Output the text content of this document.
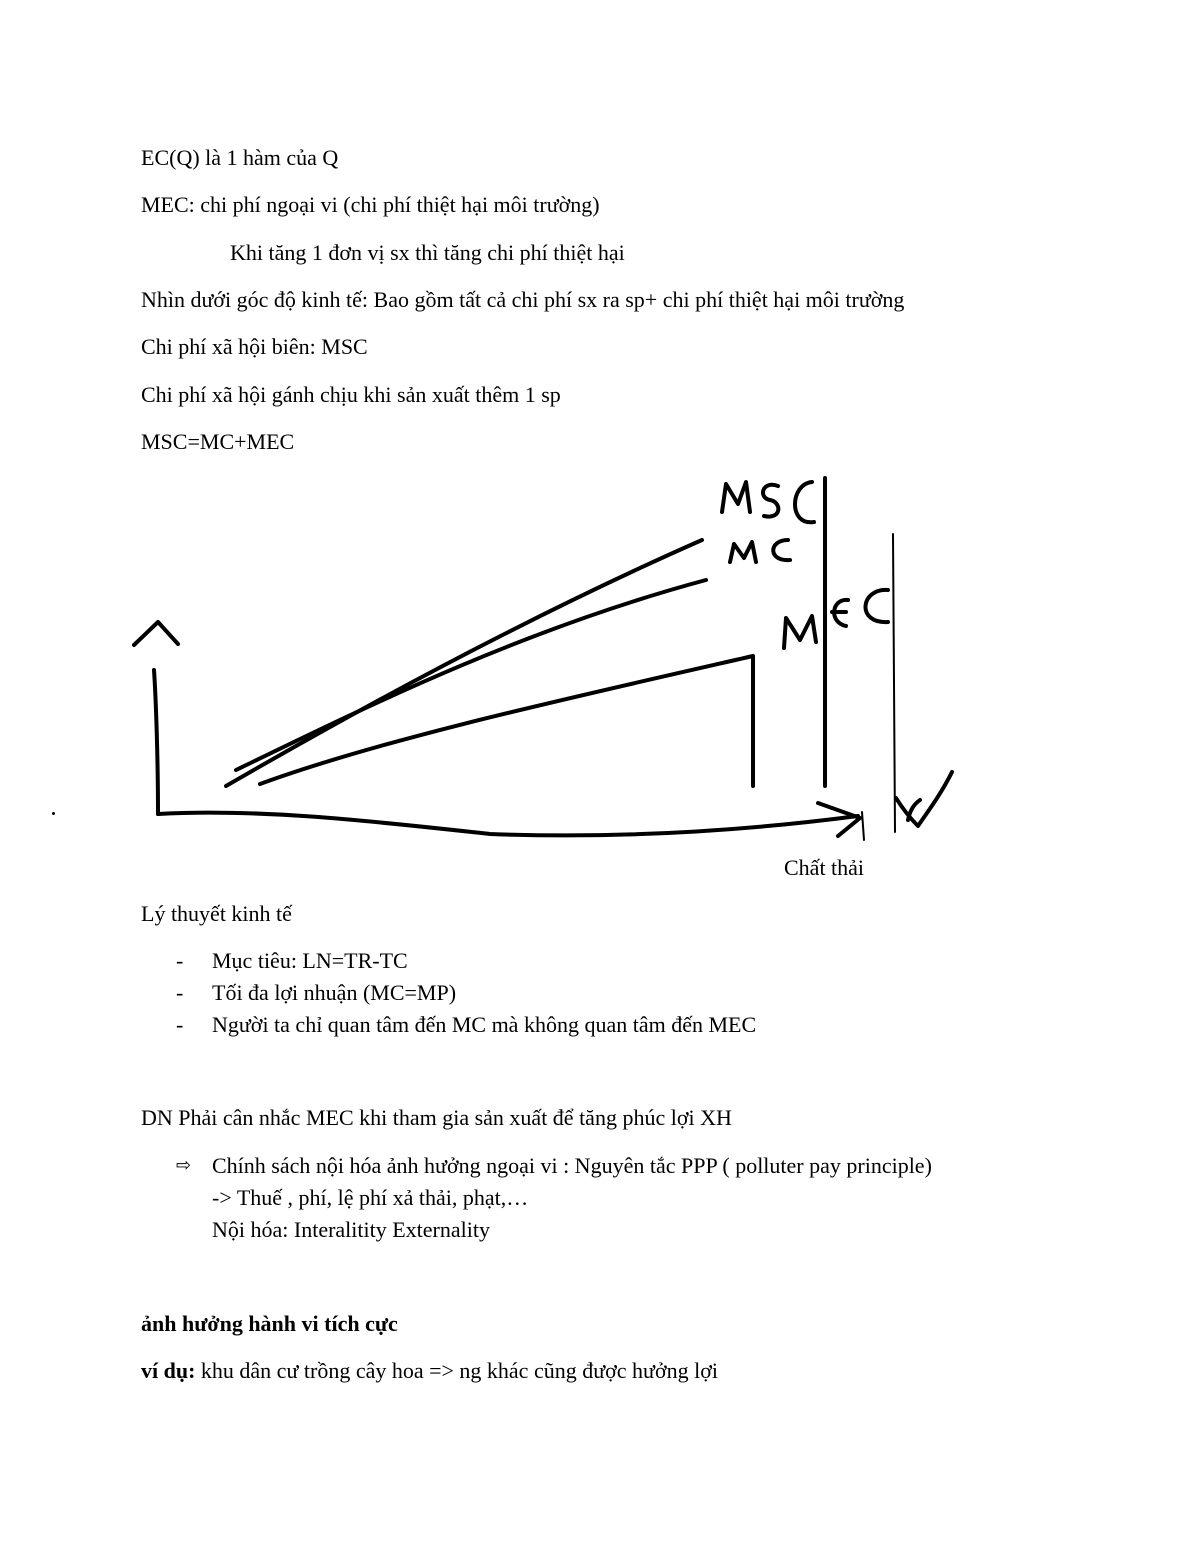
EC(Q) là 1 hàm của Q
MEC: chi phí ngoại vi (chi phí thiệt hại môi trường)
Khi tăng 1 đơn vị sx thì tăng chi phí thiệt hại
Nhìn dưới góc độ kinh tế: Bao gồm tất cả chi phí sx ra sp+ chi phí thiệt hại môi trường
Chi phí xã hội biên: MSC
Chi phí xã hội gánh chịu khi sản xuất thêm 1 sp
MSC=MC+MEC
Chất thải
Lý thuyết kinh tế
- Mục tiêu: LN=TR-TC
- Tối đa lợi nhuận (MC=MP)
- Người ta chỉ quan tâm đến MC mà không quan tâm đến MEC
DN Phải cân nhắc MEC khi tham gia sản xuất để tăng phúc lợi XH
⇨ Chính sách nội hóa ảnh hưởng ngoại vi : Nguyên tắc PPP ( polluter pay principle)
-> Thuế , phí, lệ phí xả thải, phạt,…
Nội hóa: Interalitity Externality
ảnh hưởng hành vi tích cực
ví dụ: khu dân cư trồng cây hoa => ng khác cũng được hưởng lợi
